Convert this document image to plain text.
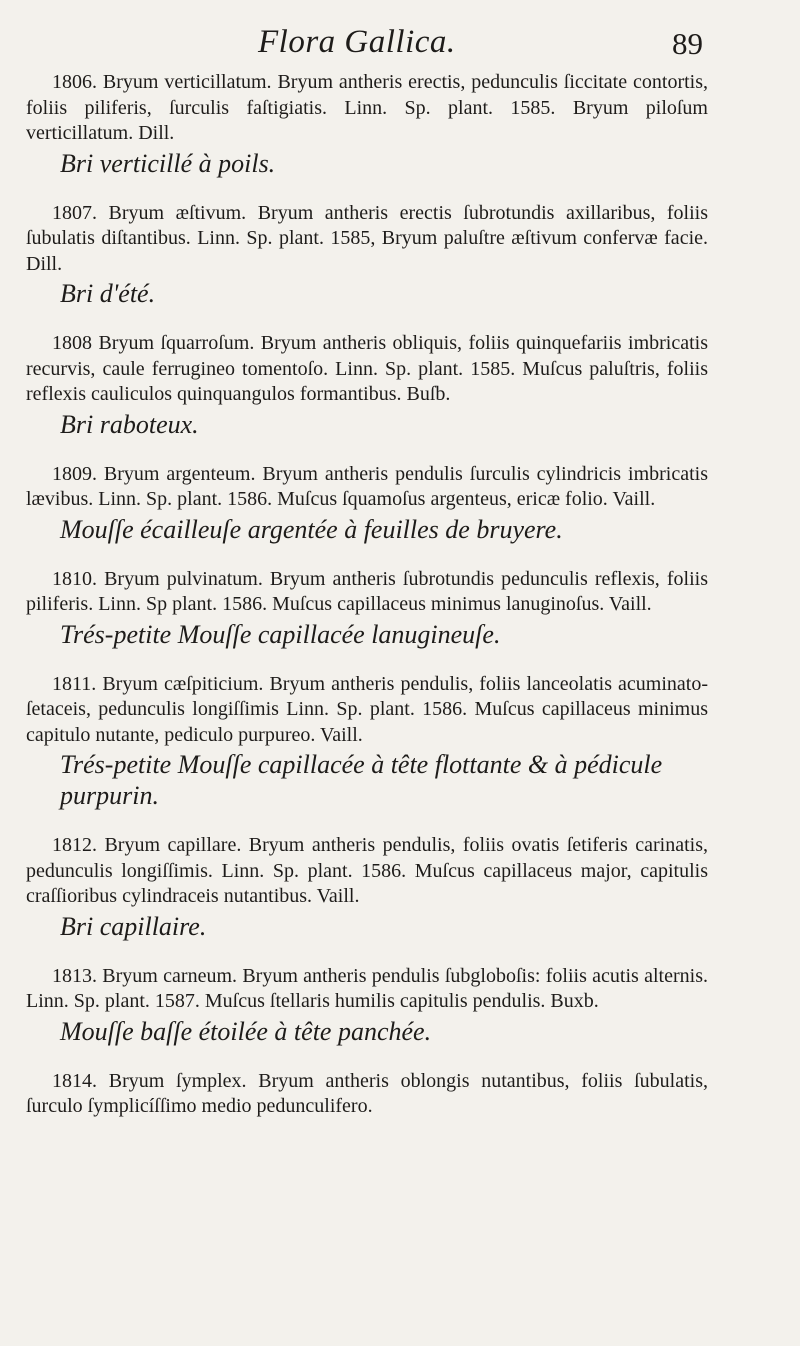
Flora Gallica.	89

1806. Bryum verticillatum. Bryum antheris erectis, pedunculis ſiccitate contortis, foliis piliferis, ſurculis faſtigiatis. Linn. Sp. plant. 1585. Bryum piloſum verticillatum. Dill.

Bri verticillé à poils.

1807. Bryum æſtivum. Bryum antheris erectis ſubrotundis axillaribus, foliis ſubulatis diſtantibus. Linn. Sp. plant. 1585, Bryum paluſtre æſtivum confervæ facie. Dill.

Bri d'été.

1808 Bryum ſquarroſum. Bryum antheris obliquis, foliis quinquefariis imbricatis recurvis, caule ferrugineo tomentoſo. Linn. Sp. plant. 1585. Muſcus paluſtris, foliis reflexis cauliculos quinquangulos formantibus. Buſb.

Bri raboteux.

1809. Bryum argenteum. Bryum antheris pendulis ſurculis cylindricis imbricatis lævibus. Linn. Sp. plant. 1586. Muſcus ſquamoſus argenteus, ericæ folio. Vaill.

Mouſſe écailleuſe argentée à feuilles de bruyere.

1810. Bryum pulvinatum. Bryum antheris ſubrotundis pedunculis reflexis, foliis piliferis. Linn. Sp plant. 1586. Muſcus capillaceus minimus lanuginoſus. Vaill.

Trés-petite Mouſſe capillacée lanugineuſe.

1811. Bryum cæſpiticium. Bryum antheris pendulis, foliis lanceolatis acuminato-ſetaceis, pedunculis longiſſimis Linn. Sp. plant. 1586. Muſcus capillaceus minimus capitulo nutante, pediculo purpureo. Vaill.

Trés-petite Mouſſe capillacée à tête flottante & à pédicule purpurin.

1812. Bryum capillare. Bryum antheris pendulis, foliis ovatis ſetiferis carinatis, pedunculis longiſſimis. Linn. Sp. plant. 1586. Muſcus capillaceus major, capitulis craſſioribus cylindraceis nutantibus. Vaill.

Bri capillaire.

1813. Bryum carneum. Bryum antheris pendulis ſubgloboſis: foliis acutis alternis. Linn. Sp. plant. 1587. Muſcus ſtellaris humilis capitulis pendulis. Buxb.

Mouſſe baſſe étoilée à tête panchée.

1814. Bryum ſymplex. Bryum antheris oblongis nutantibus, foliis ſubulatis, ſurculo ſymplicíſſimo medio pedunculifero.
